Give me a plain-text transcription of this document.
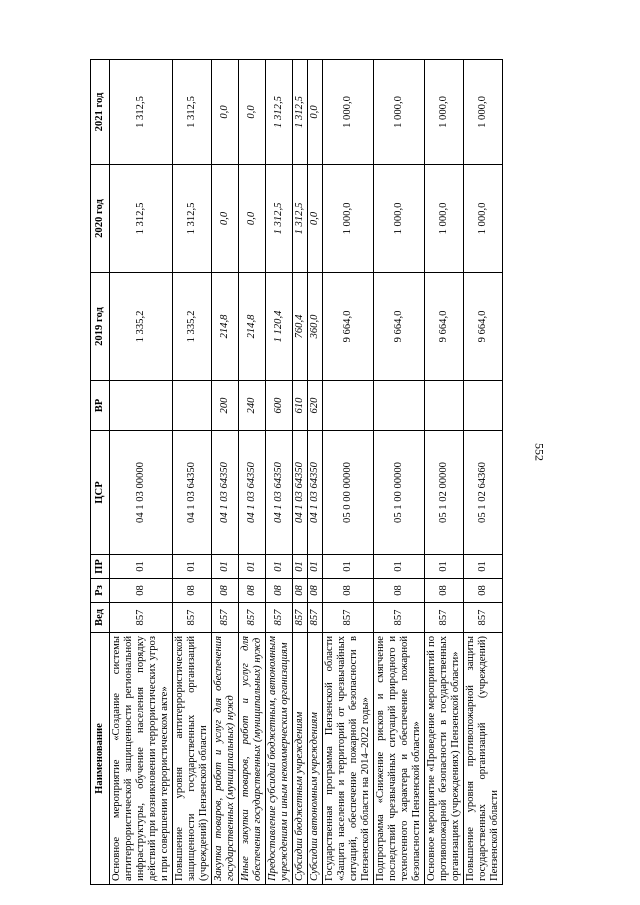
552
Наименование	Вед	Рз	ПР	ЦСР	ВР	2019 год	2020 год	2021 год
Основное мероприятие «Создание системы антитеррористической защищенности региональной инфраструктуры, обучение населения порядку действий при возникновении террористических угроз и при совершении террористическом акте»	857	08	01	04 1 03 00000		1 335,2	1 312,5	1 312,5
Повышение уровня антитеррористической защищенности государственных организаций (учреждений) Пензенской области	857	08	01	04 1 03 64350		1 335,2	1 312,5	1 312,5
Закупка товаров, работ и услуг для обеспечения государственных (муниципальных) нужд	857	08	01	04 1 03 64350	200	214,8	0,0	0,0
Иные закупки товаров, работ и услуг для обеспечения государственных (муниципальных) нужд	857	08	01	04 1 03 64350	240	214,8	0,0	0,0
Предоставление субсидий бюджетным, автономным учреждениям и иным некоммерческим организациям	857	08	01	04 1 03 64350	600	1 120,4	1 312,5	1 312,5
Субсидии бюджетным учреждениям	857	08	01	04 1 03 64350	610	760,4	1 312,5	1 312,5
Субсидии автономным учреждениям	857	08	01	04 1 03 64350	620	360,0	0,0	0,0
Государственная программа Пензенской области «Защита населения и территорий от чрезвычайных ситуаций, обеспечение пожарной безопасности в Пензенской области на 2014–2022 годы»	857	08	01	05 0 00 00000		9 664,0	1 000,0	1 000,0
Подпрограмма «Снижение рисков и смягчение последствий чрезвычайных ситуаций природного и техногенного характера и обеспечение пожарной безопасности Пензенской области»	857	08	01	05 1 00 00000		9 664,0	1 000,0	1 000,0
Основное мероприятие «Проведение мероприятий по противопожарной безопасности в государственных организациях (учреждениях) Пензенской области»	857	08	01	05 1 02 00000		9 664,0	1 000,0	1 000,0
Повышение уровня противопожарной защиты государственных организаций (учреждений) Пензенской области	857	08	01	05 1 02 64360		9 664,0	1 000,0	1 000,0
